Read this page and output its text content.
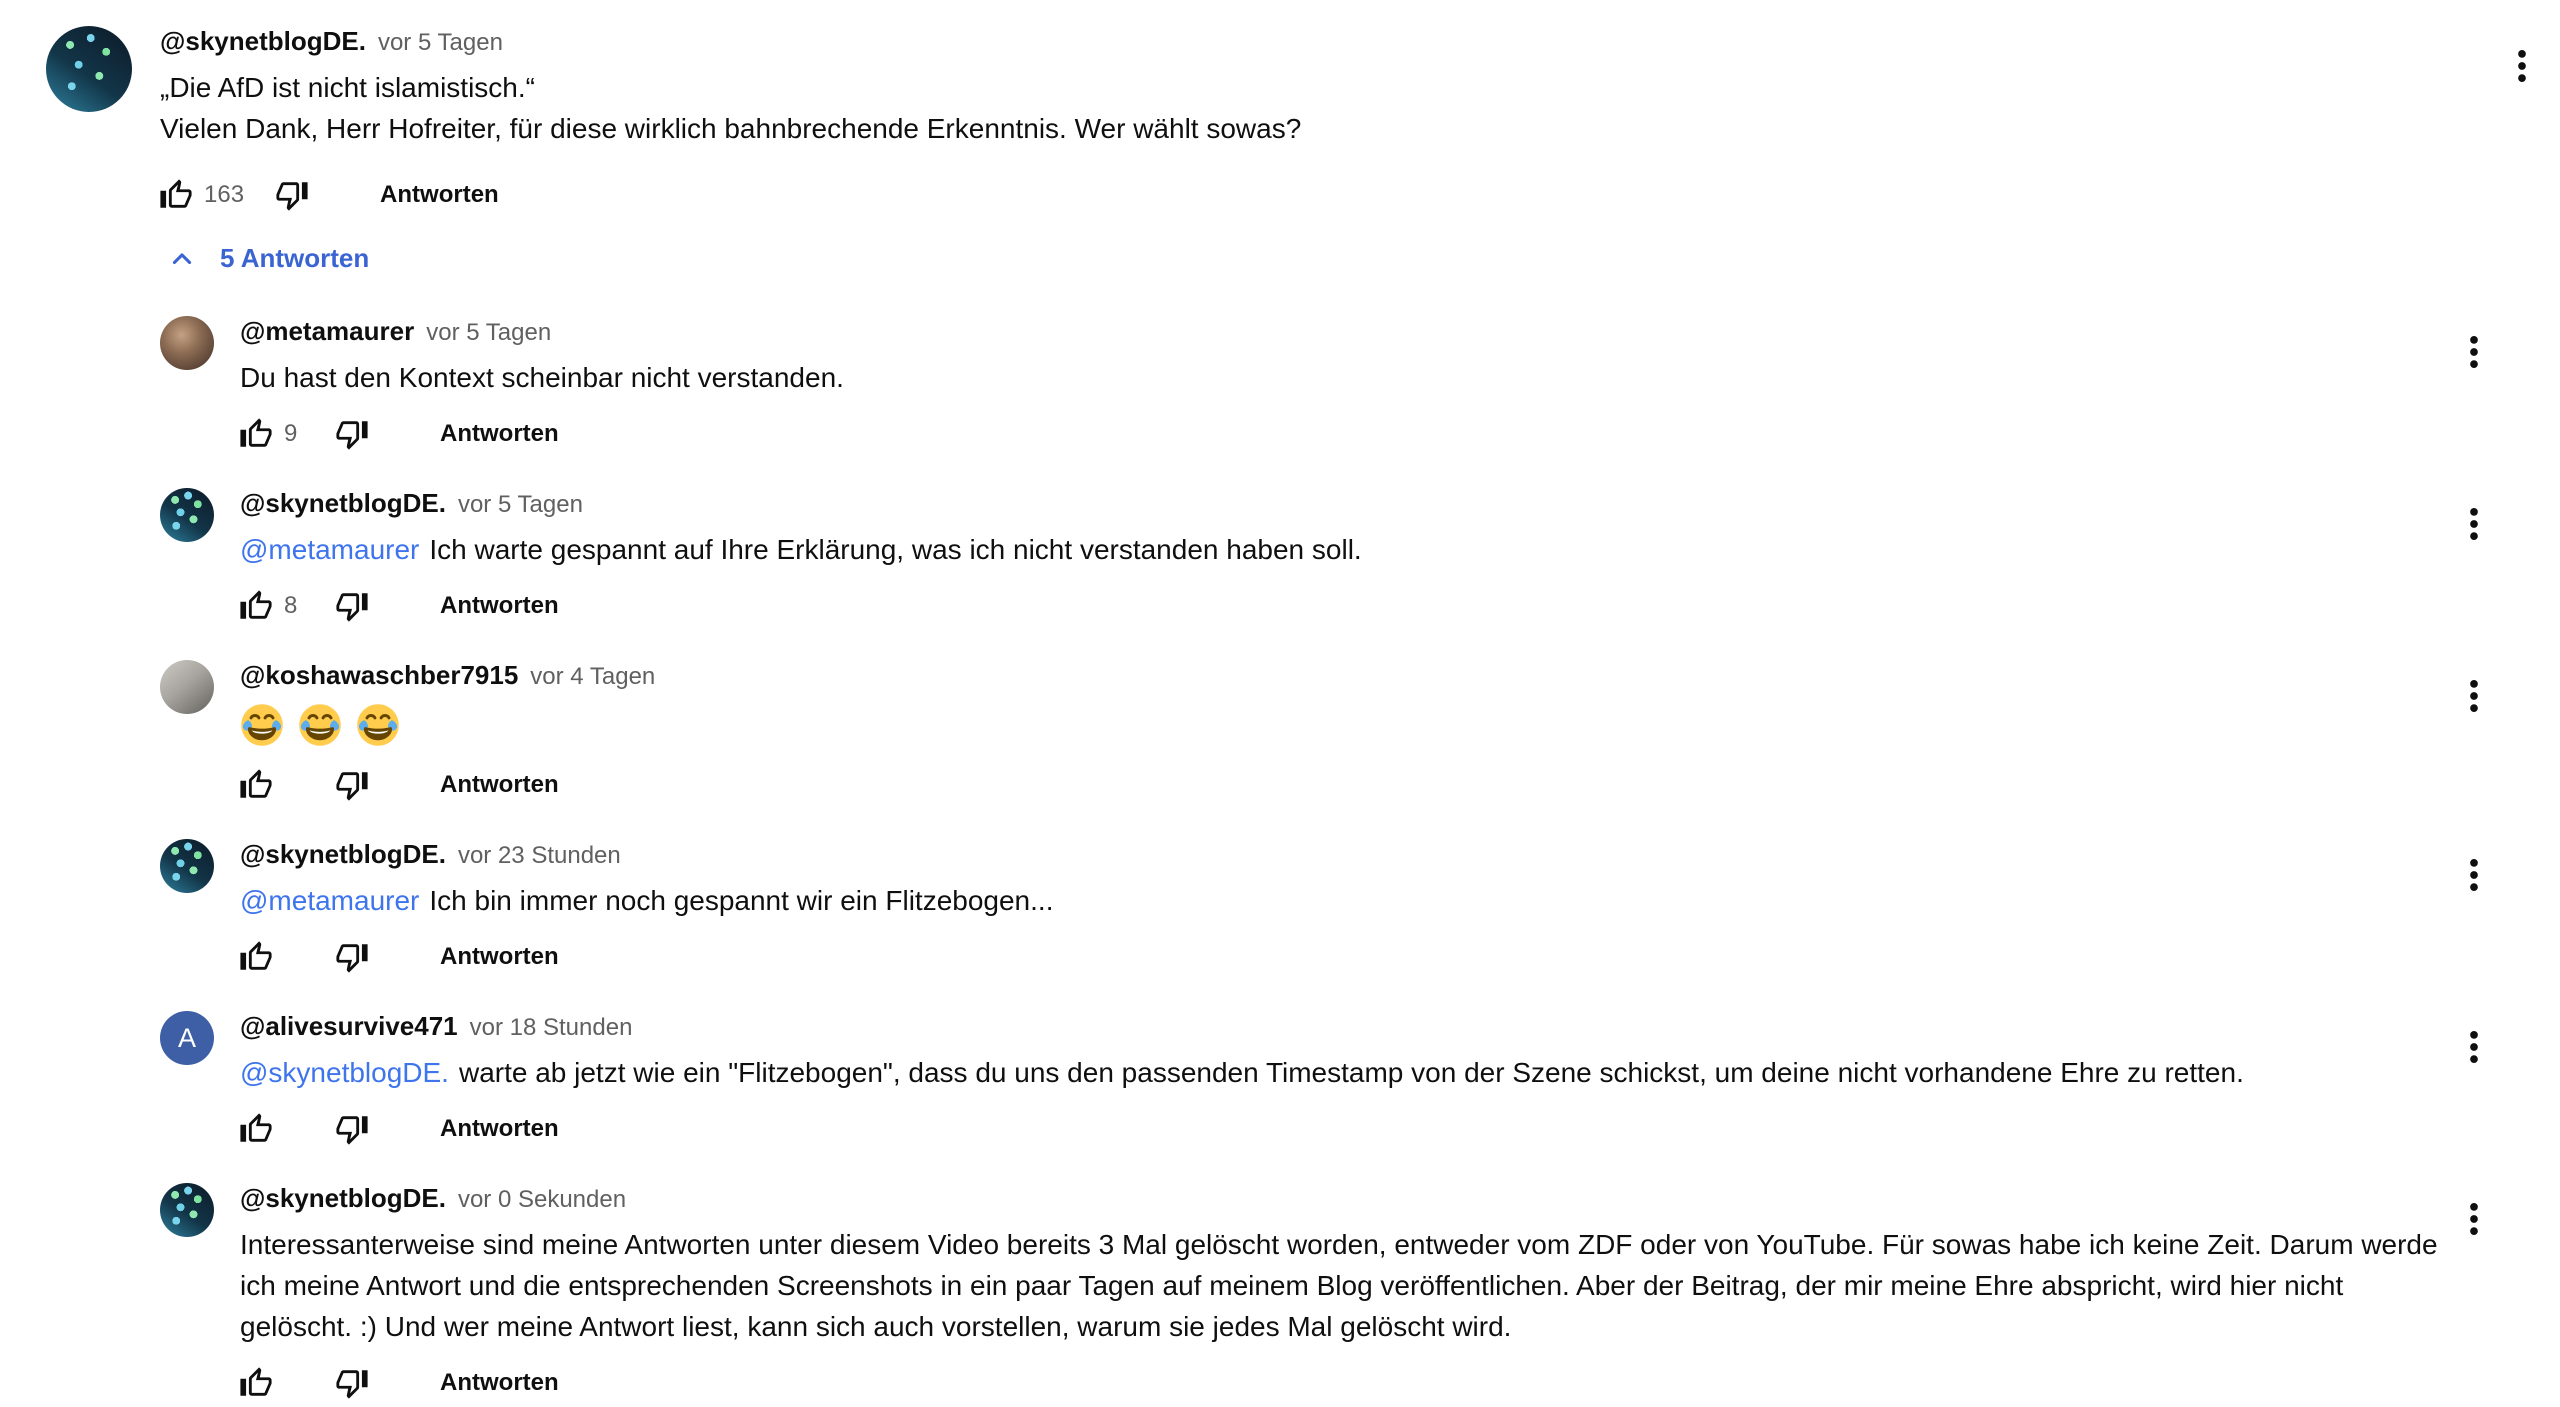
@skynetblogDE. vor 5 Tagen
„Die AfD ist nicht islamistisch.“
Vielen Dank, Herr Hofreiter, für diese wirklich bahnbrechende Erkenntnis. Wer wählt sowas?
163	Antworten
5 Antworten
@metamaurer vor 5 Tagen
Du hast den Kontext scheinbar nicht verstanden.
9	Antworten
@skynetblogDE. vor 5 Tagen
@metamaurer Ich warte gespannt auf Ihre Erklärung, was ich nicht verstanden haben soll.
8	Antworten
@koshawaschber7915 vor 4 Tagen
Antworten
@skynetblogDE. vor 23 Stunden
@metamaurer Ich bin immer noch gespannt wir ein Flitzebogen...
Antworten
A	@alivesurvive471 vor 18 Stunden
@skynetblogDE. warte ab jetzt wie ein "Flitzebogen", dass du uns den passenden Timestamp von der Szene schickst, um deine nicht vorhandene Ehre zu retten.
Antworten
@skynetblogDE. vor 0 Sekunden
Interessanterweise sind meine Antworten unter diesem Video bereits 3 Mal gelöscht worden, entweder vom ZDF oder von YouTube. Für sowas habe ich keine Zeit. Darum werde ich meine Antwort und die entsprechenden Screenshots in ein paar Tagen auf meinem Blog veröffentlichen. Aber der Beitrag, der mir meine Ehre abspricht, wird hier nicht gelöscht. :) Und wer meine Antwort liest, kann sich auch vorstellen, warum sie jedes Mal gelöscht wird.
Antworten
